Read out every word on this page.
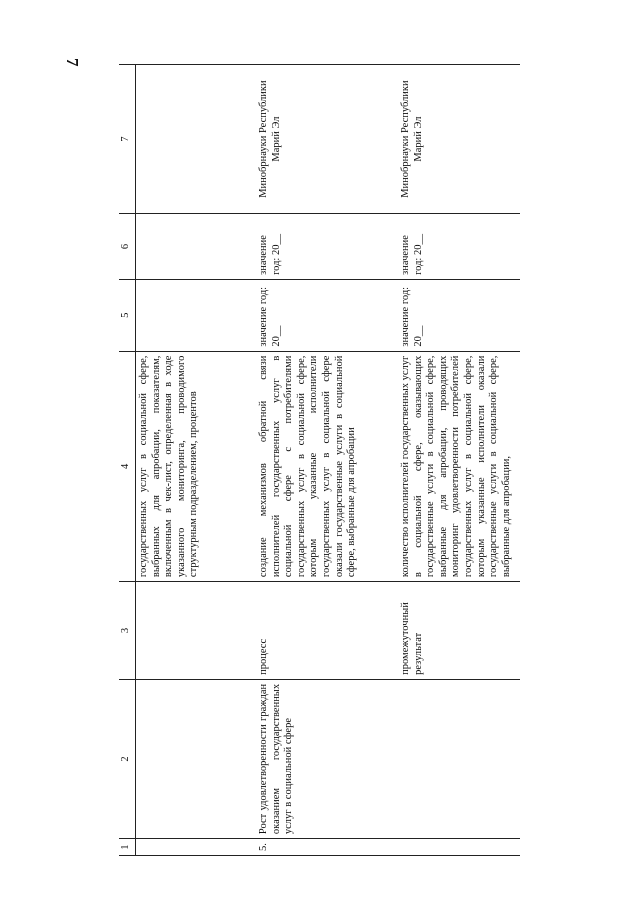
7
1	2	3	4	5	6	7
			государственных услуг в социальной сфере, выбранных для апробации, показателям, включенным в чек-лист, определенная в ходе указанного мониторинга, проводимого структурным подразделением, процентов			
5.	Рост удовлетворенности граждан оказанием государственных услуг в социальной сфере	процесс	создание механизмов обратной связи исполнителей государственных услуг в социальной сфере с потребителями государственных услуг в социальной сфере, которым указанные исполнители государственных услуг в социальной сфере оказали государственные услуги в социальной сфере, выбранные для апробации	значение год: 20__	значение год: 20__	Минобрнауки Республики Марий Эл
		промежуточный результат	количество исполнителей государственных услуг в социальной сфере, оказывающих государственные услуги в социальной сфере, выбранные для апробации, проводящих мониторинг удовлетворенности потребителей государственных услуг в социальной сфере, которым указанные исполнители оказали государственные услуги в социальной сфере, выбранные для апробации,	значение год: 20__	значение год: 20__	Минобрнауки Республики Марий Эл
